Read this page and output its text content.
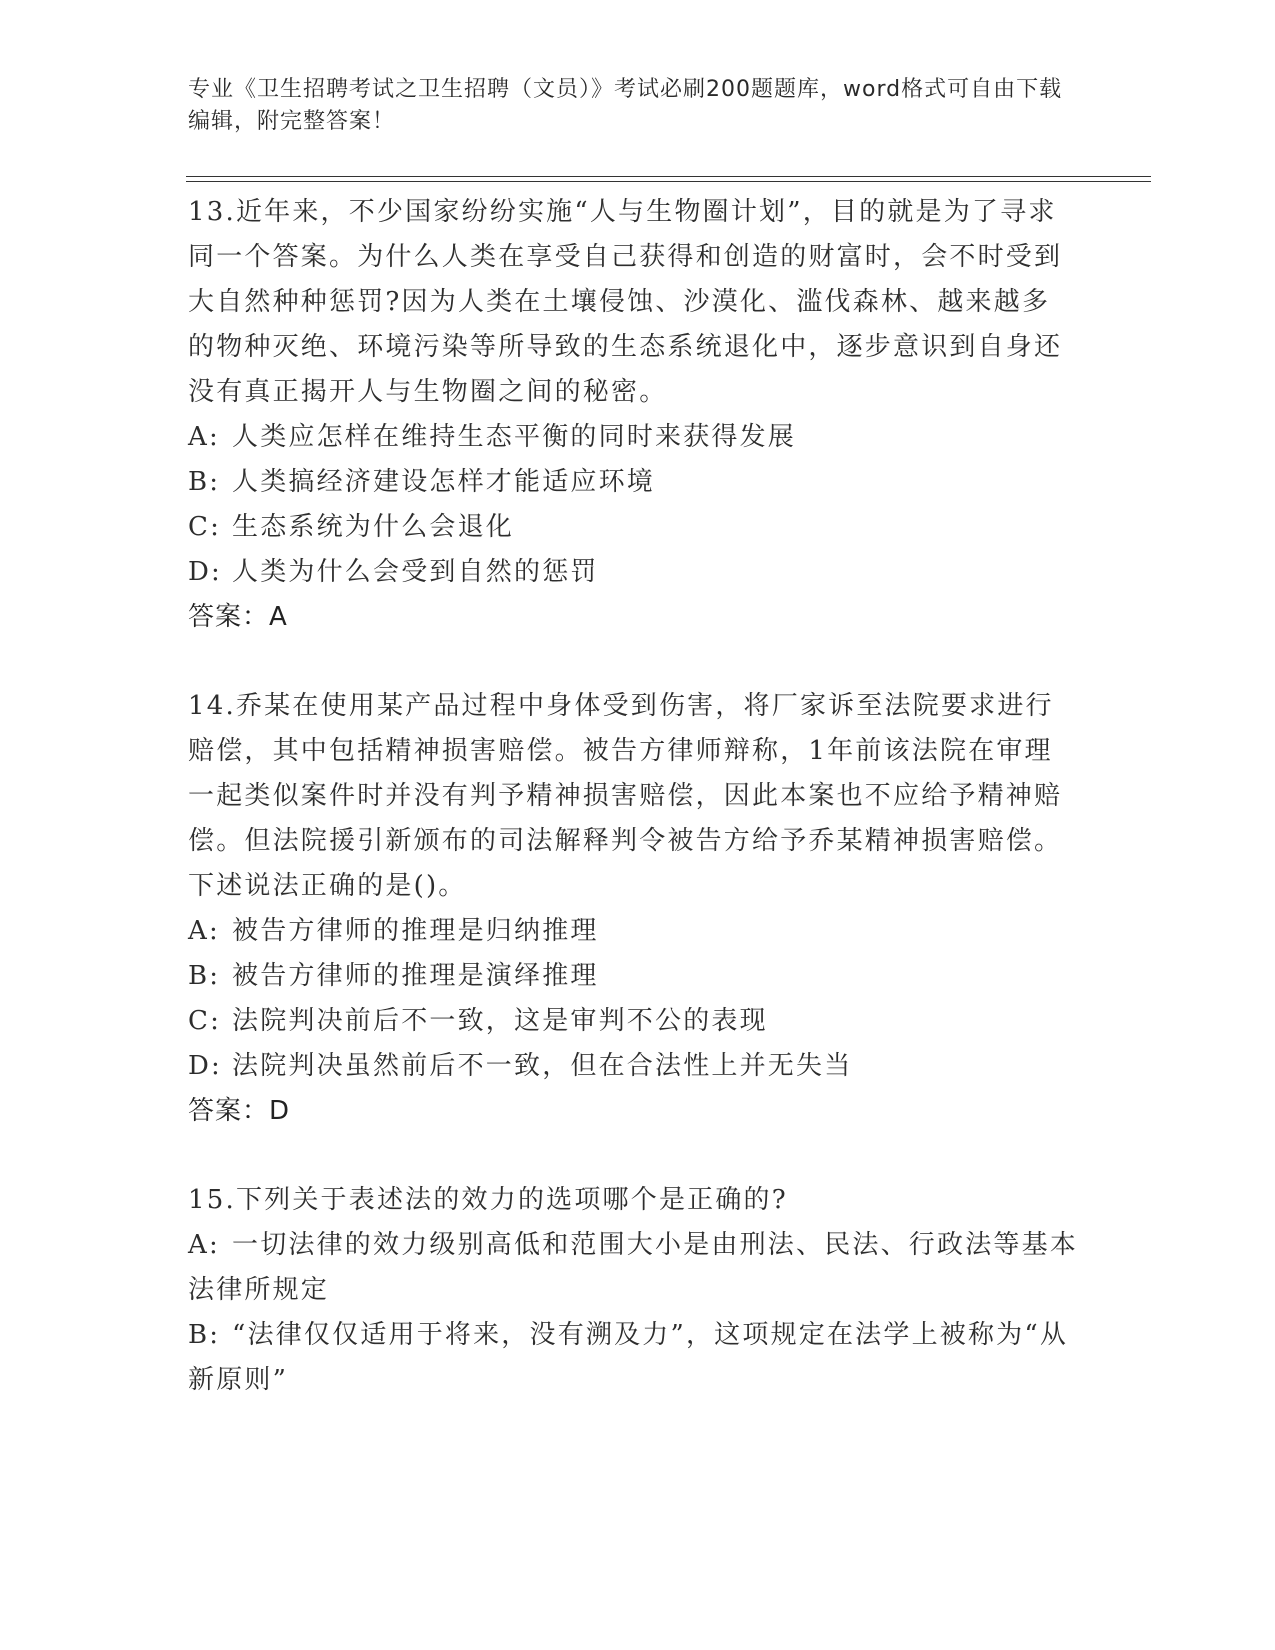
专业《卫生招聘考试之卫生招聘（文员）》考试必刷200题题库，word格式可自由下载编辑，附完整答案！

13.近年来，不少国家纷纷实施“人与生物圈计划”，目的就是为了寻求同一个答案。为什么人类在享受自己获得和创造的财富时，会不时受到大自然种种惩罚?因为人类在土壤侵蚀、沙漠化、滥伐森林、越来越多的物种灭绝、环境污染等所导致的生态系统退化中，逐步意识到自身还没有真正揭开人与生物圈之间的秘密。

A: 人类应怎样在维持生态平衡的同时来获得发展

B: 人类搞经济建设怎样才能适应环境

C: 生态系统为什么会退化

D: 人类为什么会受到自然的惩罚

答案：A

14.乔某在使用某产品过程中身体受到伤害，将厂家诉至法院要求进行赔偿，其中包括精神损害赔偿。被告方律师辩称，1年前该法院在审理一起类似案件时并没有判予精神损害赔偿，因此本案也不应给予精神赔偿。但法院援引新颁布的司法解释判令被告方给予乔某精神损害赔偿。下述说法正确的是()。

A: 被告方律师的推理是归纳推理

B: 被告方律师的推理是演绎推理

C: 法院判决前后不一致，这是审判不公的表现

D: 法院判决虽然前后不一致，但在合法性上并无失当

答案：D

15.下列关于表述法的效力的选项哪个是正确的?

A: 一切法律的效力级别高低和范围大小是由刑法、民法、行政法等基本法律所规定

B: “法律仅仅适用于将来，没有溯及力”，这项规定在法学上被称为“从新原则”
